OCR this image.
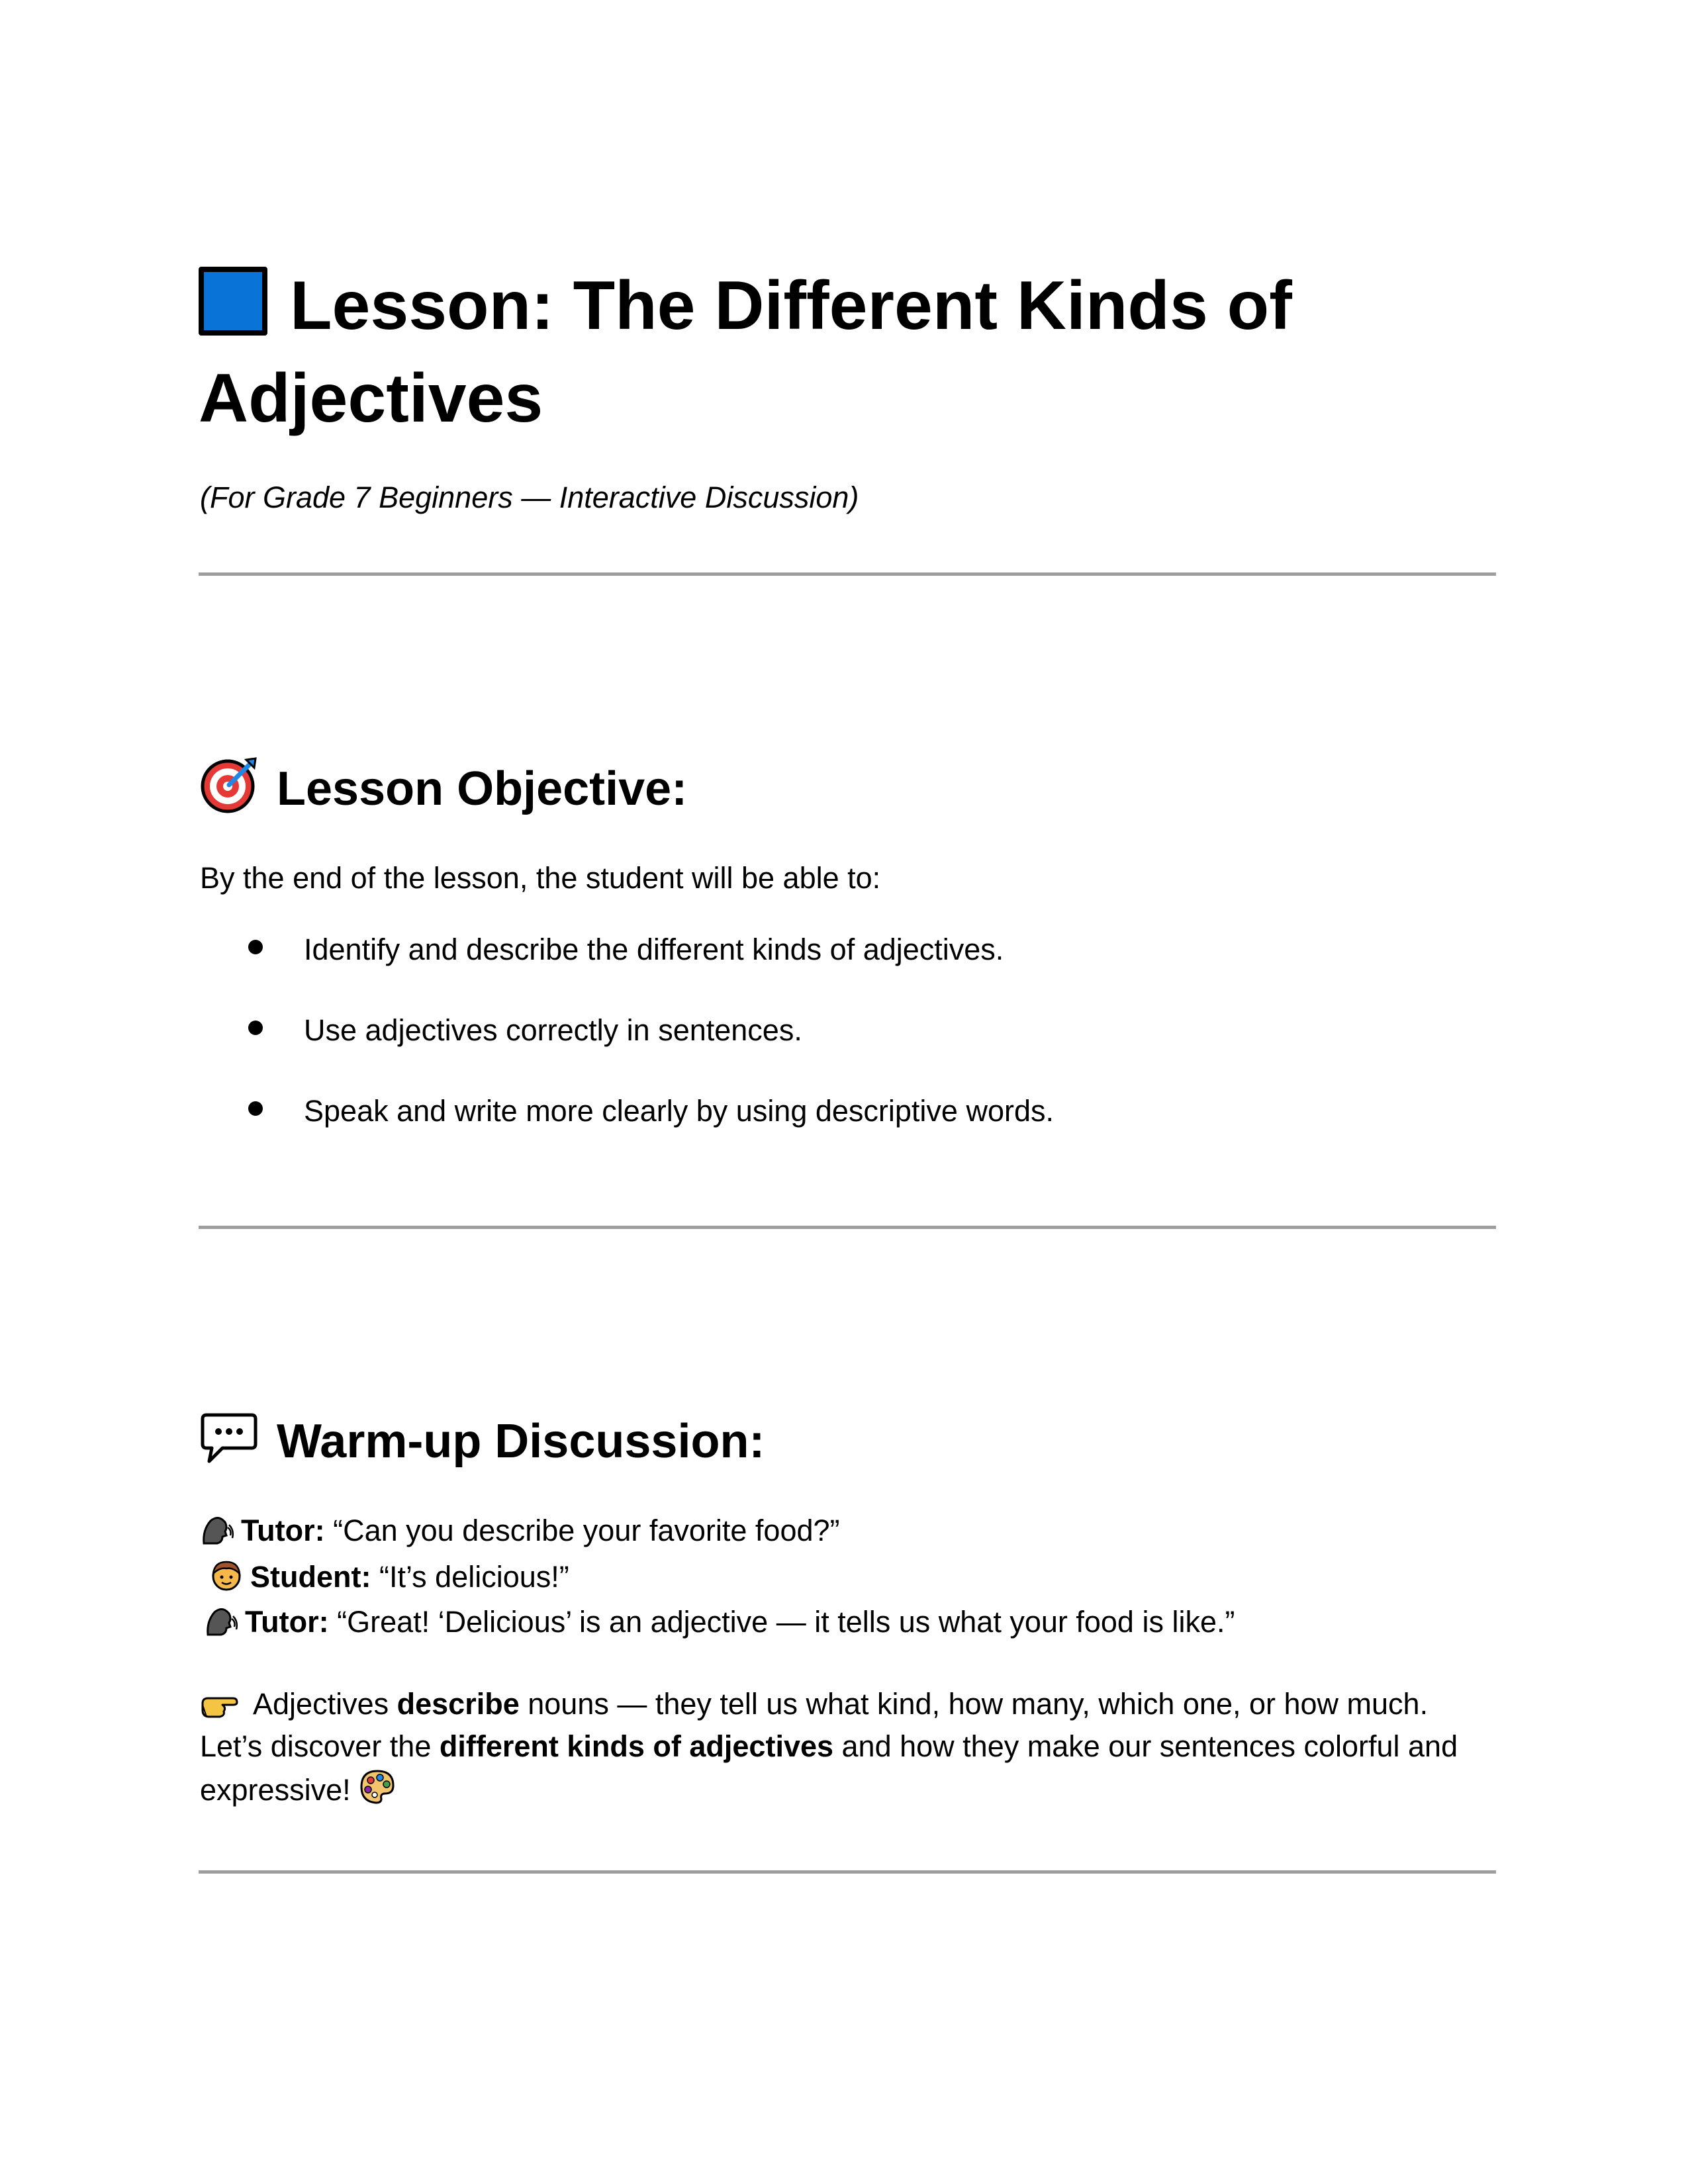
Lesson: The Different Kinds of
Adjectives
(For Grade 7 Beginners — Interactive Discussion)
Lesson Objective:
By the end of the lesson, the student will be able to:
Identify and describe the different kinds of adjectives.
Use adjectives correctly in sentences.
Speak and write more clearly by using descriptive words.
Warm-up Discussion:
Tutor: “Can you describe your favorite food?”
Student: “It’s delicious!”
Tutor: “Great! ‘Delicious’ is an adjective — it tells us what your food is like.”
Adjectives describe nouns — they tell us what kind, how many, which one, or how much.
Let’s discover the different kinds of adjectives and how they make our sentences colorful and
expressive!
